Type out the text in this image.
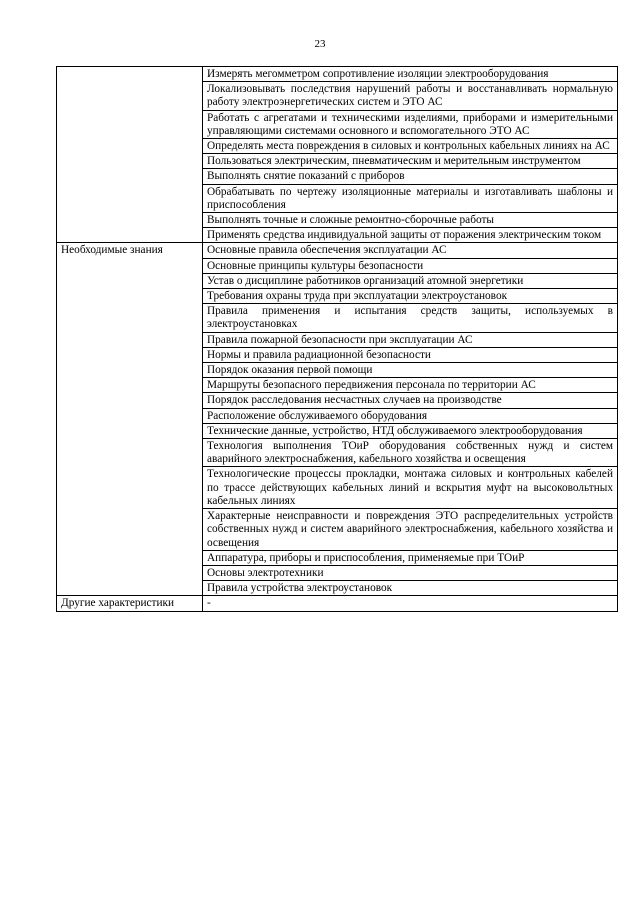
23
	Измерять мегомметром сопротивление изоляции электрооборудования
	Локализовывать последствия нарушений работы и восстанавливать нормальную работу электроэнергетических систем и ЭТО АС
	Работать с агрегатами и техническими изделиями, приборами и измерительными управляющими системами основного и вспомогательного ЭТО АС
	Определять места повреждения в силовых и контрольных кабельных линиях на АС
	Пользоваться электрическим, пневматическим и мерительным инструментом
	Выполнять снятие показаний с приборов
	Обрабатывать по чертежу изоляционные материалы и изготавливать шаблоны и приспособления
	Выполнять точные и сложные ремонтно-сборочные работы
	Применять средства индивидуальной защиты от поражения электрическим током
Необходимые знания	Основные правила обеспечения эксплуатации АС
	Основные принципы культуры безопасности
	Устав о дисциплине работников организаций атомной энергетики
	Требования охраны труда при эксплуатации электроустановок
	Правила применения и испытания средств защиты, используемых в электроустановках
	Правила пожарной безопасности при эксплуатации АС
	Нормы и правила радиационной безопасности
	Порядок оказания первой помощи
	Маршруты безопасного передвижения персонала по территории АС
	Порядок расследования несчастных случаев на производстве
	Расположение обслуживаемого оборудования
	Технические данные, устройство, НТД обслуживаемого электрооборудования
	Технология выполнения ТОиР оборудования собственных нужд и систем аварийного электроснабжения, кабельного хозяйства и освещения
	Технологические процессы прокладки, монтажа силовых и контрольных кабелей по трассе действующих кабельных линий и вскрытия муфт на высоковольтных кабельных линиях
	Характерные неисправности и повреждения ЭТО распределительных устройств собственных нужд и систем аварийного электроснабжения, кабельного хозяйства и освещения
	Аппаратура, приборы и приспособления, применяемые при ТОиР
	Основы электротехники
	Правила устройства электроустановок
Другие характеристики	-
